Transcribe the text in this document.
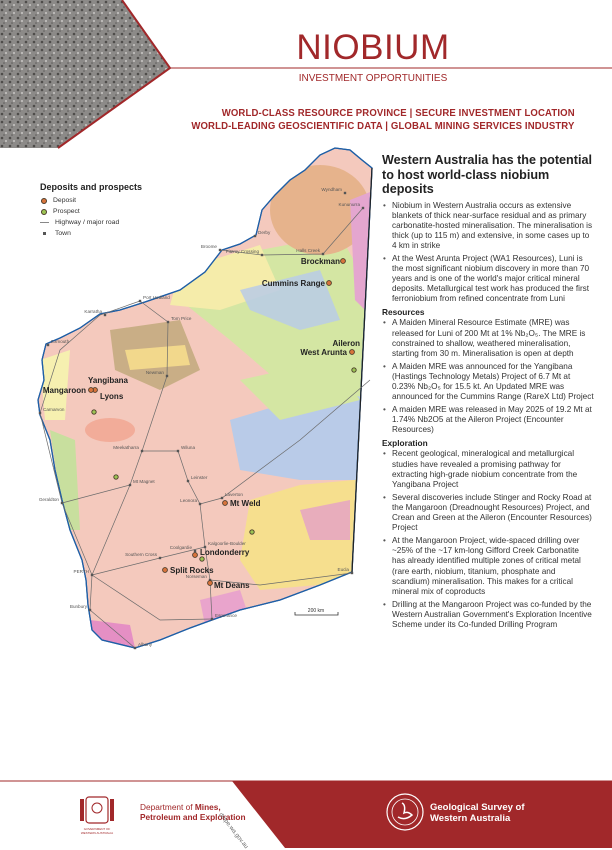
NIOBIUM
INVESTMENT OPPORTUNITIES
WORLD-CLASS RESOURCE PROVINCE | SECURE INVESTMENT LOCATION
WORLD-LEADING GEOSCIENTIFIC DATA | GLOBAL MINING SERVICES INDUSTRY
Wyndham
Kununurra
Broome
Derby
Fitzroy Crossing	Halls Creek
Port Hedland
Karratha
Tom Price
Exmouth
Newman
Carnarvon
Meekatharra	Wiluna
Mt Magnet
Leinster
Geraldton	Leonora
Laverton
Kalgoorlie-Boulder
Coolgardie
Southern Cross
PERTH
Norseman
Bunbury
Esperance
Albany
Eucla
Brockman
Cummins Range
Aileron
West Arunta
Yangibana
Mangaroon
Lyons
Mt Weld
Londonderry
Split Rocks
Mt Deans
200 km
Deposits and prospects
Deposit
Prospect
Highway / major road
Town
Western Australia has the potential to host world-class niobium deposits
• Niobium in Western Australia occurs as extensive blankets of thick near-surface residual and as primary carbonatite-hosted mineralisation. The mineralisation is thick (up to 115 m) and extensive, in some cases up to 4 km in strike
• At the West Arunta Project (WA1 Resources), Luni is the most significant niobium discovery in more than 70 years and is one of the world's major critical mineral deposits. Metallurgical test work has produced the first ferroniobium from refined concentrate from Luni
Resources
• A Maiden Mineral Resource Estimate (MRE) was released for Luni of 200 Mt at 1% Nb₂O₅. The MRE is constrained to shallow, weathered mineralisation, starting from 30 m. Mineralisation is open at depth
• A Maiden MRE was announced for the Yangibana (Hastings Technology Metals) Project of 6.7 Mt at 0.23% Nb₂O₅ for 15.5 kt. An Updated MRE was announced for the Cummins Range (RareX Ltd) Project
• A maiden MRE was released in May 2025 of 19.2 Mt at 1.74% Nb2O5 at the Aileron Project (Encounter Resources)
Exploration
• Recent geological, mineralogical and metallurgical studies have revealed a promising pathway for extracting high-grade niobium concentrate from the Yangibana Project
• Several discoveries include Stinger and Rocky Road at the Mangaroon (Dreadnought Resources) Project, and Crean and Green at the Aileron (Encounter Resources) Project
• At the Mangaroon Project, wide-spaced drilling over ~25% of the ~17 km-long Gifford Creek Carbonatite has already identified multiple zones of critical metal (rare earth, niobium, titanium, phosphate and scandium) mineralisation. This makes for a critical mineral mix of coproducts
• Drilling at the Mangaroon Project was co-funded by the Western Australian Government's Exploration Incentive Scheme under its Co-funded Drilling Program
GOVERNMENT OF
WESTERN AUSTRALIA
Department of Mines,
Petroleum and Exploration
dmpe.wa.gov.au
Geological Survey of
Western Australia
